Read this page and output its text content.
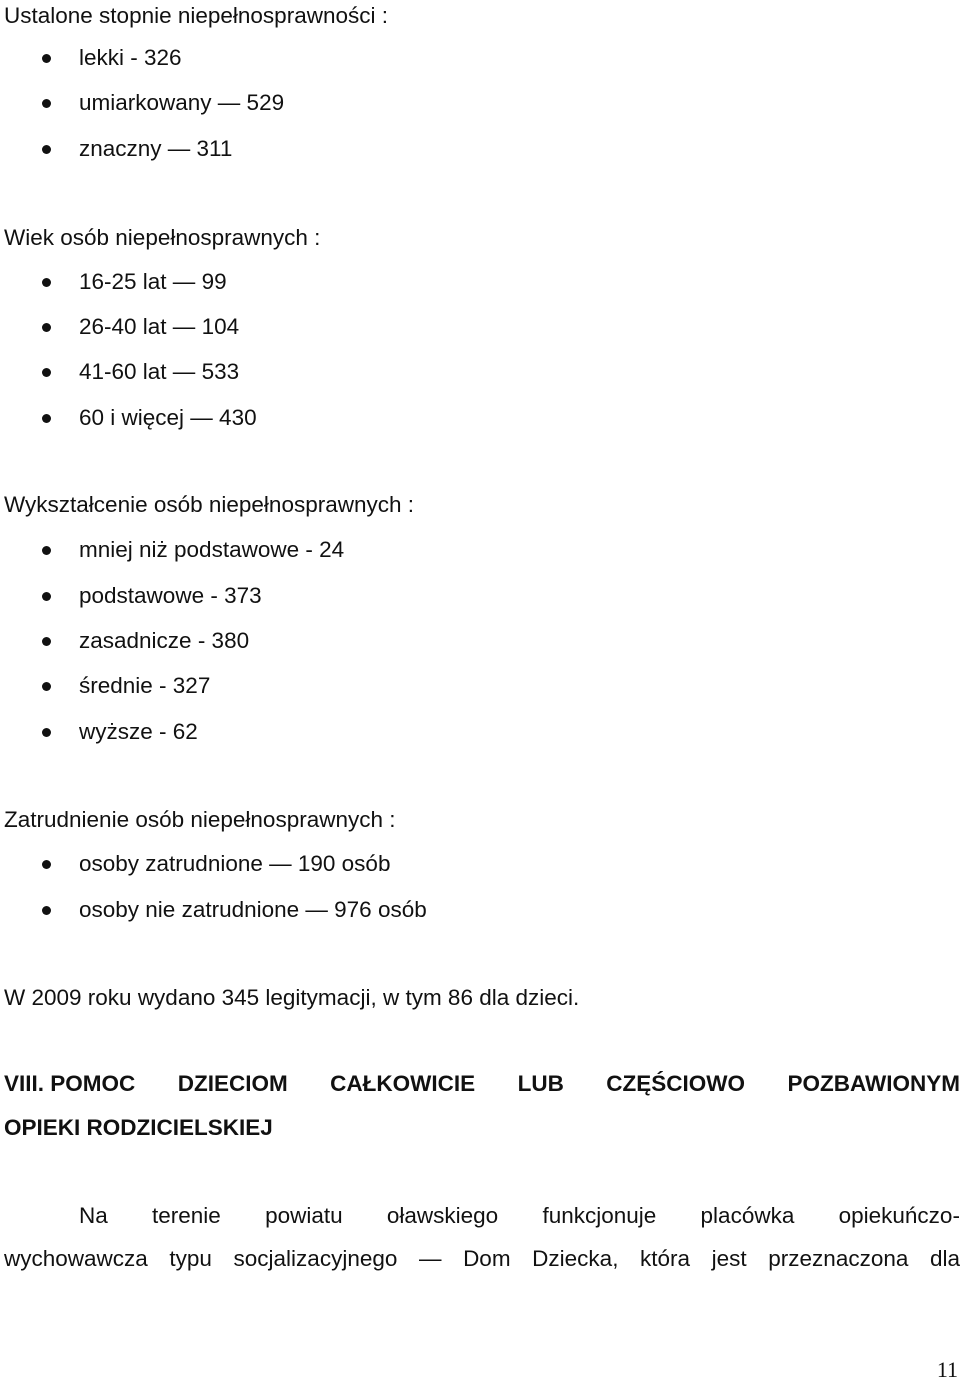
Ustalone stopnie niepełnosprawności :
lekki - 326
umiarkowany — 529
znaczny — 311
Wiek osób niepełnosprawnych :
16-25 lat — 99
26-40 lat — 104
41-60 lat — 533
60 i więcej — 430
Wykształcenie osób niepełnosprawnych :
mniej niż podstawowe - 24
podstawowe - 373
zasadnicze - 380
średnie - 327
wyższe - 62
Zatrudnienie osób niepełnosprawnych :
osoby zatrudnione — 190 osób
osoby nie zatrudnione — 976 osób
W 2009 roku wydano 345 legitymacji, w tym 86 dla dzieci.
VIII. POMOC DZIECIOM CAŁKOWICIE LUB CZĘŚCIOWO POZBAWIONYM
OPIEKI RODZICIELSKIEJ
Na terenie powiatu oławskiego funkcjonuje placówka opiekuńczo-
wychowawcza typu socjalizacyjnego — Dom Dziecka, która jest przeznaczona dla
11
